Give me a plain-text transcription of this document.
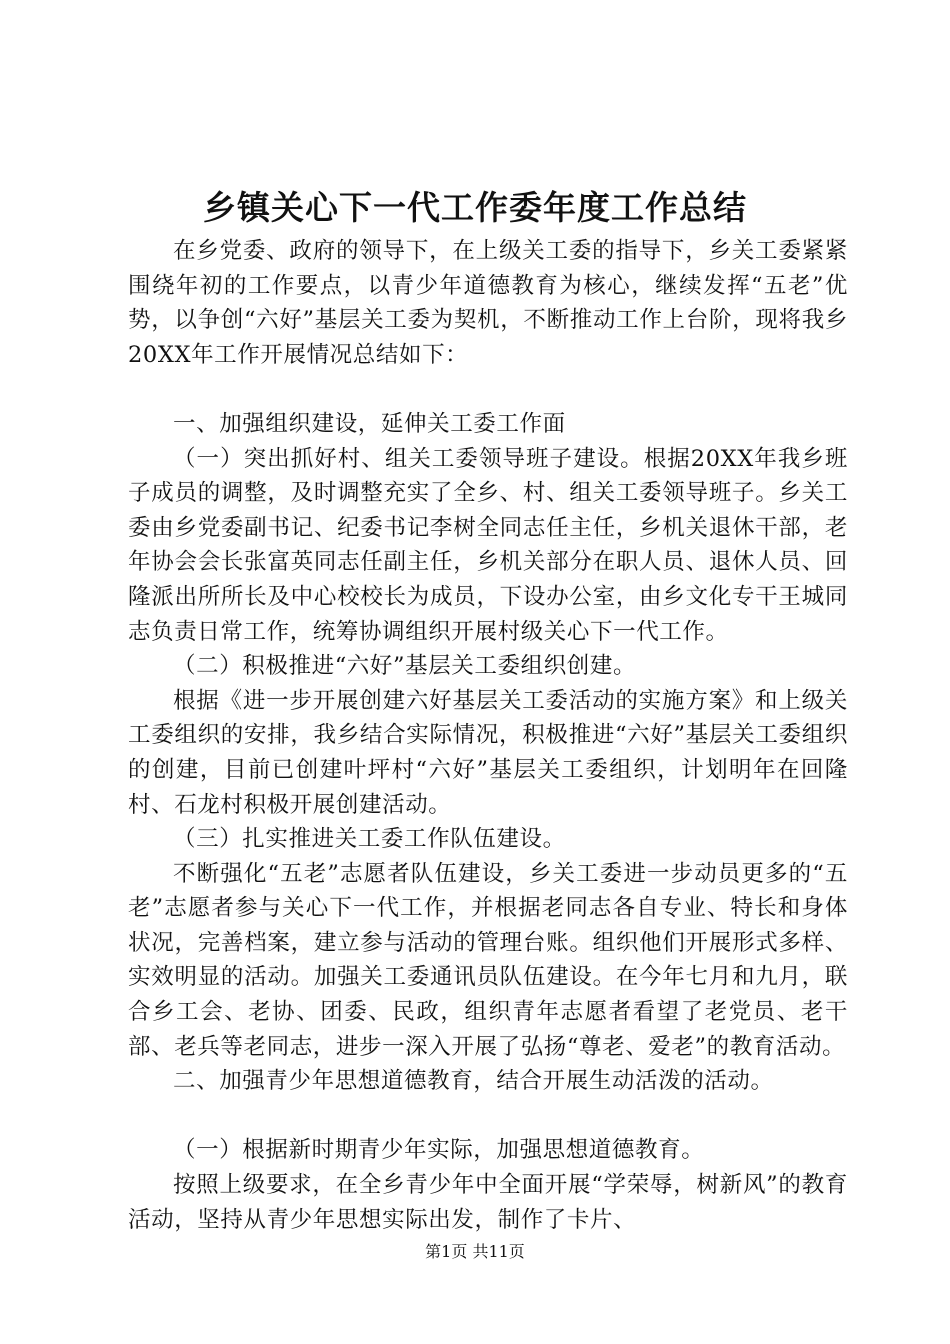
乡镇关心下一代工作委年度工作总结

在乡党委、政府的领导下，在上级关工委的指导下，乡关工委紧紧围绕年初的工作要点，以青少年道德教育为核心，继续发挥“五老”优势，以争创“六好”基层关工委为契机，不断推动工作上台阶，现将我乡20XX年工作开展情况总结如下：

一、加强组织建设，延伸关工委工作面

（一）突出抓好村、组关工委领导班子建设。根据20XX年我乡班子成员的调整，及时调整充实了全乡、村、组关工委领导班子。乡关工委由乡党委副书记、纪委书记李树全同志任主任，乡机关退休干部，老年协会会长张富英同志任副主任，乡机关部分在职人员、退休人员、回隆派出所所长及中心校校长为成员，下设办公室，由乡文化专干王城同志负责日常工作，统筹协调组织开展村级关心下一代工作。

（二）积极推进“六好”基层关工委组织创建。

根据《进一步开展创建六好基层关工委活动的实施方案》和上级关工委组织的安排，我乡结合实际情况，积极推进“六好”基层关工委组织的创建，目前已创建叶坪村“六好”基层关工委组织，计划明年在回隆村、石龙村积极开展创建活动。

（三）扎实推进关工委工作队伍建设。

不断强化“五老”志愿者队伍建设，乡关工委进一步动员更多的“五老”志愿者参与关心下一代工作，并根据老同志各自专业、特长和身体状况，完善档案，建立参与活动的管理台账。组织他们开展形式多样、实效明显的活动。加强关工委通讯员队伍建设。在今年七月和九月，联合乡工会、老协、团委、民政，组织青年志愿者看望了老党员、老干部、老兵等老同志，进步一深入开展了弘扬“尊老、爱老”的教育活动。

二、加强青少年思想道德教育，结合开展生动活泼的活动。

（一）根据新时期青少年实际，加强思想道德教育。

按照上级要求，在全乡青少年中全面开展“学荣辱，树新风”的教育活动，坚持从青少年思想实际出发，制作了卡片、

第1页 共11页
